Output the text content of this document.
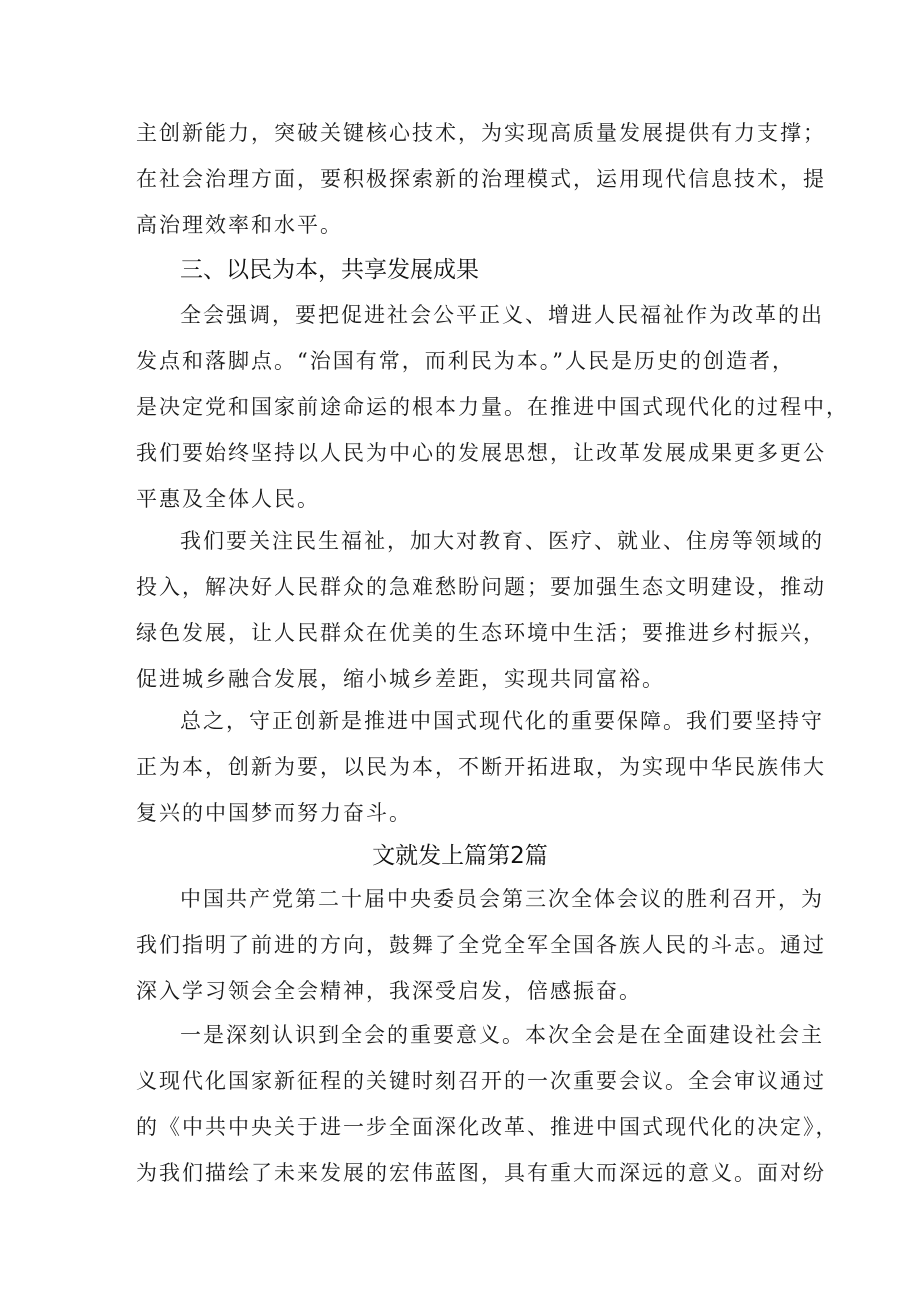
主创新能力，突破关键核心技术，为实现高质量发展提供有力支撑；
在社会治理方面，要积极探索新的治理模式，运用现代信息技术，提
高治理效率和水平。
三、以民为本，共享发展成果
全会强调，要把促进社会公平正义、增进人民福祉作为改革的出
发点和落脚点。“治国有常，而利民为本。”人民是历史的创造者，
是决定党和国家前途命运的根本力量。在推进中国式现代化的过程中，
我们要始终坚持以人民为中心的发展思想，让改革发展成果更多更公
平惠及全体人民。
我们要关注民生福祉，加大对教育、医疗、就业、住房等领域的
投入，解决好人民群众的急难愁盼问题；要加强生态文明建设，推动
绿色发展，让人民群众在优美的生态环境中生活；要推进乡村振兴，
促进城乡融合发展，缩小城乡差距，实现共同富裕。
总之，守正创新是推进中国式现代化的重要保障。我们要坚持守
正为本，创新为要，以民为本，不断开拓进取，为实现中华民族伟大
复兴的中国梦而努力奋斗。
文就发上篇第2篇
中国共产党第二十届中央委员会第三次全体会议的胜利召开，为
我们指明了前进的方向，鼓舞了全党全军全国各族人民的斗志。通过
深入学习领会全会精神，我深受启发，倍感振奋。
一是深刻认识到全会的重要意义。本次全会是在全面建设社会主
义现代化国家新征程的关键时刻召开的一次重要会议。全会审议通过
的《中共中央关于进一步全面深化改革、推进中国式现代化的决定》，
为我们描绘了未来发展的宏伟蓝图，具有重大而深远的意义。面对纷
